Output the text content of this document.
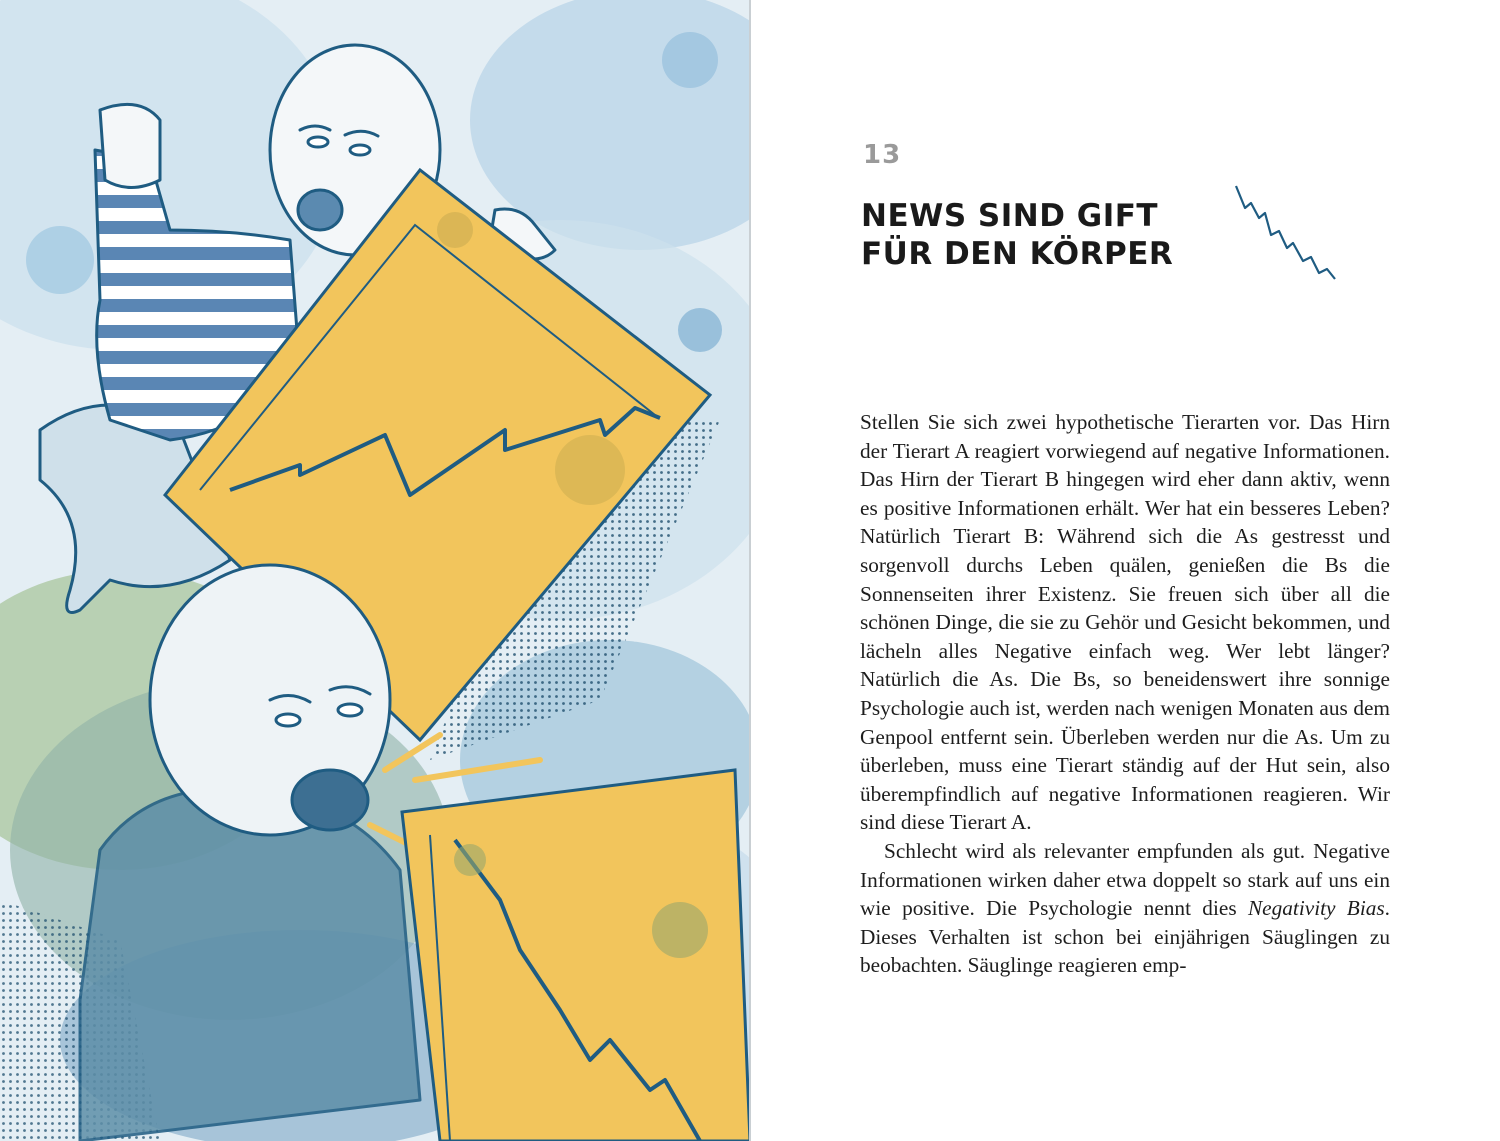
13
NEWS SIND GIFT
FÜR DEN KÖRPER

Stellen Sie sich zwei hypothetische Tierarten vor. Das Hirn der Tierart A reagiert vorwiegend auf negative Informationen. Das Hirn der Tierart B hingegen wird eher dann aktiv, wenn es positive Informationen erhält. Wer hat ein besseres Leben? Natürlich Tierart B: Während sich die As gestresst und sorgenvoll durchs Leben quälen, genießen die Bs die Sonnenseiten ihrer Existenz. Sie freuen sich über all die schönen Dinge, die sie zu Gehör und Gesicht bekommen, und lächeln alles Negative einfach weg. Wer lebt länger? Natürlich die As. Die Bs, so beneidenswert ihre sonnige Psychologie auch ist, werden nach wenigen Monaten aus dem Genpool entfernt sein. Überleben werden nur die As. Um zu überleben, muss eine Tierart ständig auf der Hut sein, also überempfindlich auf negative Informationen reagieren. Wir sind diese Tierart A.

Schlecht wird als relevanter empfunden als gut. Negative Informationen wirken daher etwa doppelt so stark auf uns ein wie positive. Die Psychologie nennt dies Negativity Bias. Dieses Verhalten ist schon bei einjährigen Säuglingen zu beobachten. Säuglinge reagieren emp-
